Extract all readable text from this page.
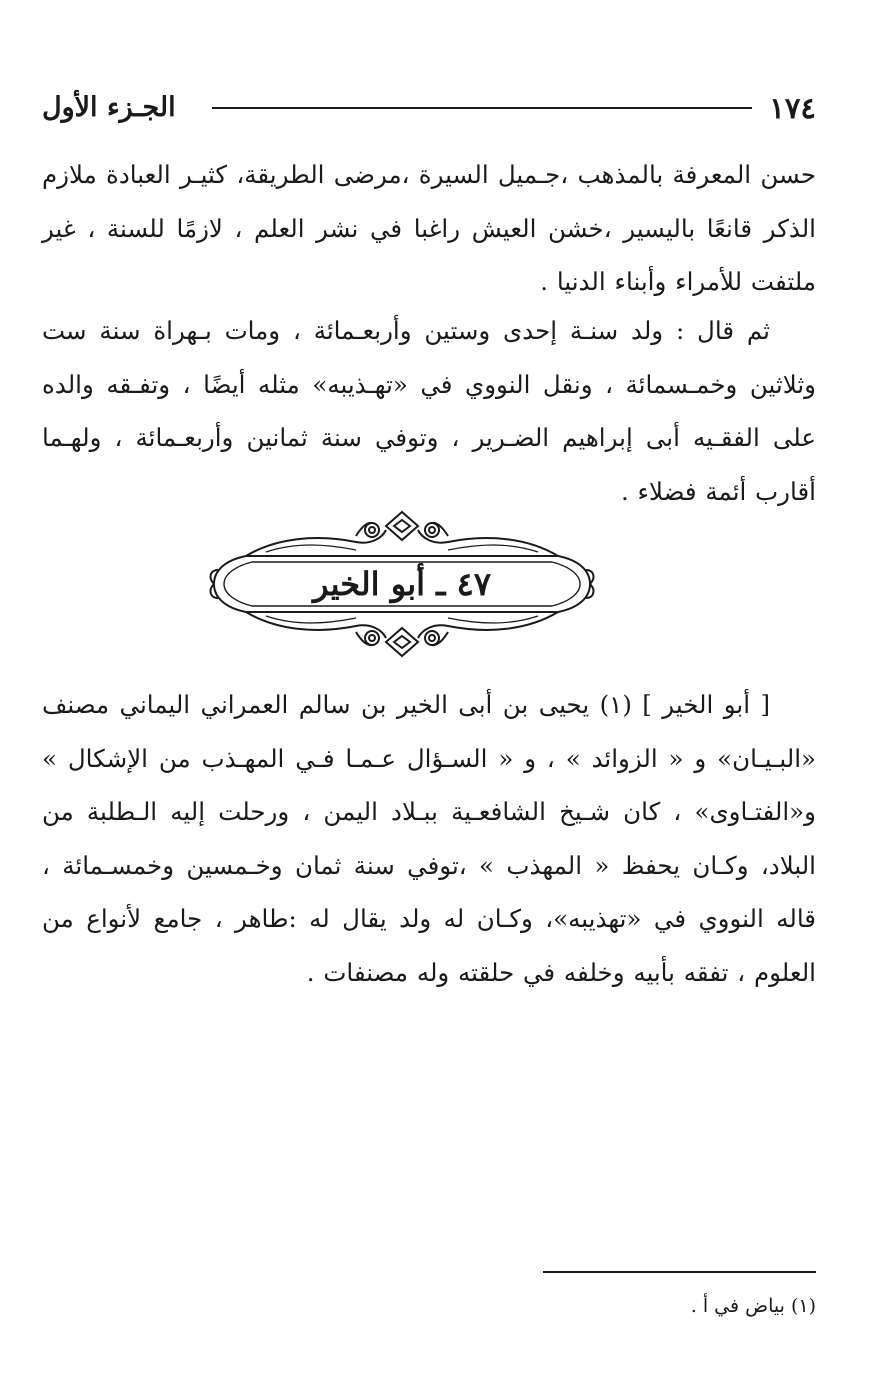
١٧٤
الجـزء الأول

حسن المعرفة بالمذهب ،جـميل السيرة ،مرضى الطريقة، كثيـر العبادة ملازم الذكر قانعًا باليسير ،خشن العيش راغبا في نشر العلم ، لازمًا للسنة ، غير ملتفت للأمراء وأبناء الدنيا .

ثم قال : ولد سنـة إحدى وستين وأربعـمائة ، ومات بـهراة سنة ست وثلاثين وخمـسمائة ، ونقل النووي في «تهـذيبه» مثله أيضًا ، وتفـقه والده على الفقـيه أبى إبراهيم الضـرير ، وتوفي سنة ثمانين وأربعـمائة ، ولهـما أقارب أئمة فضلاء .

٤٧ ـ أبو الخير

[ أبو الخير ] (١) يحيى بن أبى الخير بن سالم العمراني اليماني مصنف «البـيـان» و « الزوائد » ، و « السـؤال عـمـا فـي المهـذب من الإشكال » و«الفتـاوى» ، كان شـيخ الشافعـية ببـلاد اليمن ، ورحلت إليه الـطلبة من البلاد، وكـان يحفظ « المهذب » ،توفي سنة ثمان وخـمسين وخمسـمائة ، قاله النووي في «تهذيبه»، وكـان له ولد يقال له :طاهر ، جامع لأنواع من العلوم ، تفقه بأبيه وخلفه في حلقته وله مصنفات .

(١) بياض في أ .
